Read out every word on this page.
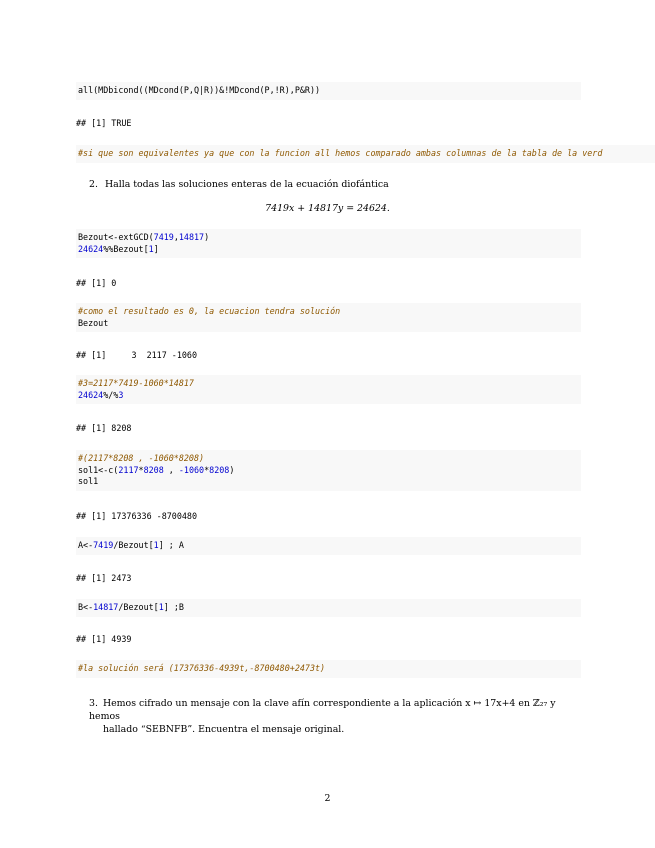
all(MDbicond((MDcond(P,Q|R))&!MDcond(P,!R),P&R))
## [1] TRUE
#si que son equivalentes ya que con la funcion all hemos comparado ambas columnas de la tabla de la verd
2. Halla todas las soluciones enteras de la ecuación diofántica
7419x + 14817y = 24624.
Bezout<-extGCD(7419,14817)
24624%%Bezout[1]
## [1] 0
#como el resultado es 0, la ecuacion tendra solución
Bezout
## [1]     3  2117 -1060
#3=2117*7419-1060*14817
24624%/%3
## [1] 8208
#(2117*8208 , -1060*8208)
sol1<-c(2117*8208 , -1060*8208)
sol1
## [1] 17376336 -8700480
A<-7419/Bezout[1] ; A
## [1] 2473
B<-14817/Bezout[1] ;B
## [1] 4939
#la solución será (17376336-4939t,-8700480+2473t)
3. Hemos cifrado un mensaje con la clave afín correspondiente a la aplicación x ↦ 17x+4 en ℤ₂₇ y hemos
hallado “SEBNFB”. Encuentra el mensaje original.
2
